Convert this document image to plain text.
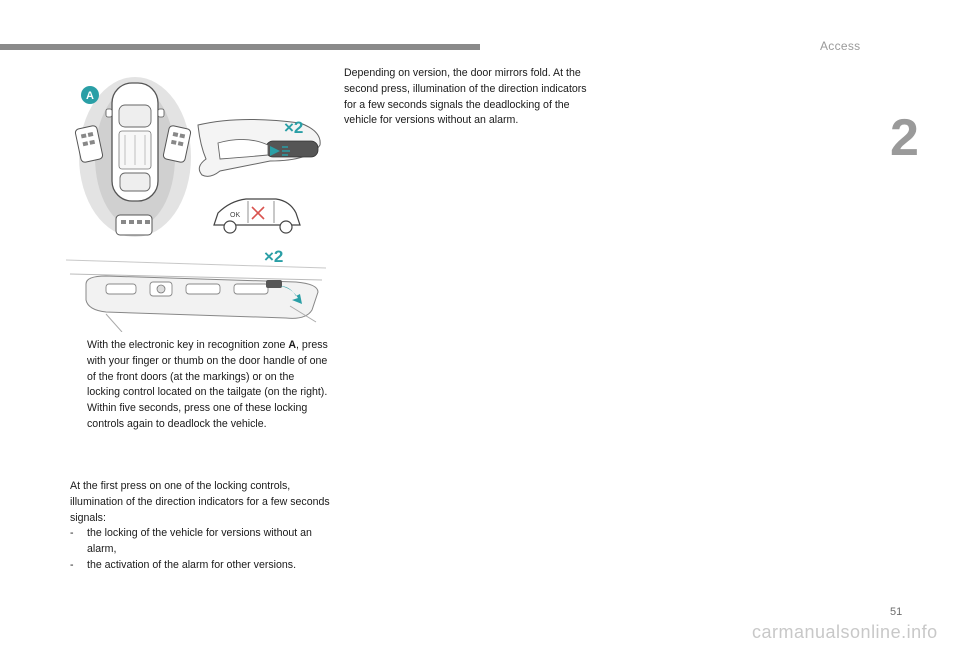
Access
2
A
×2
OK
×2
With the electronic key in recognition zone A, press with your finger or thumb on the door handle of one of the front doors (at the markings) or on the locking control located on the tailgate (on the right).
Within five seconds, press one of these locking controls again to deadlock the vehicle.
At the first press on one of the locking controls, illumination of the direction indicators for a few seconds signals:
- the locking of the vehicle for versions without an alarm,
- the activation of the alarm for other versions.
Depending on version, the door mirrors fold. At the second press, illumination of the direction indicators for a few seconds signals the deadlocking of the vehicle for versions without an alarm.
51
carmanualsonline.info
